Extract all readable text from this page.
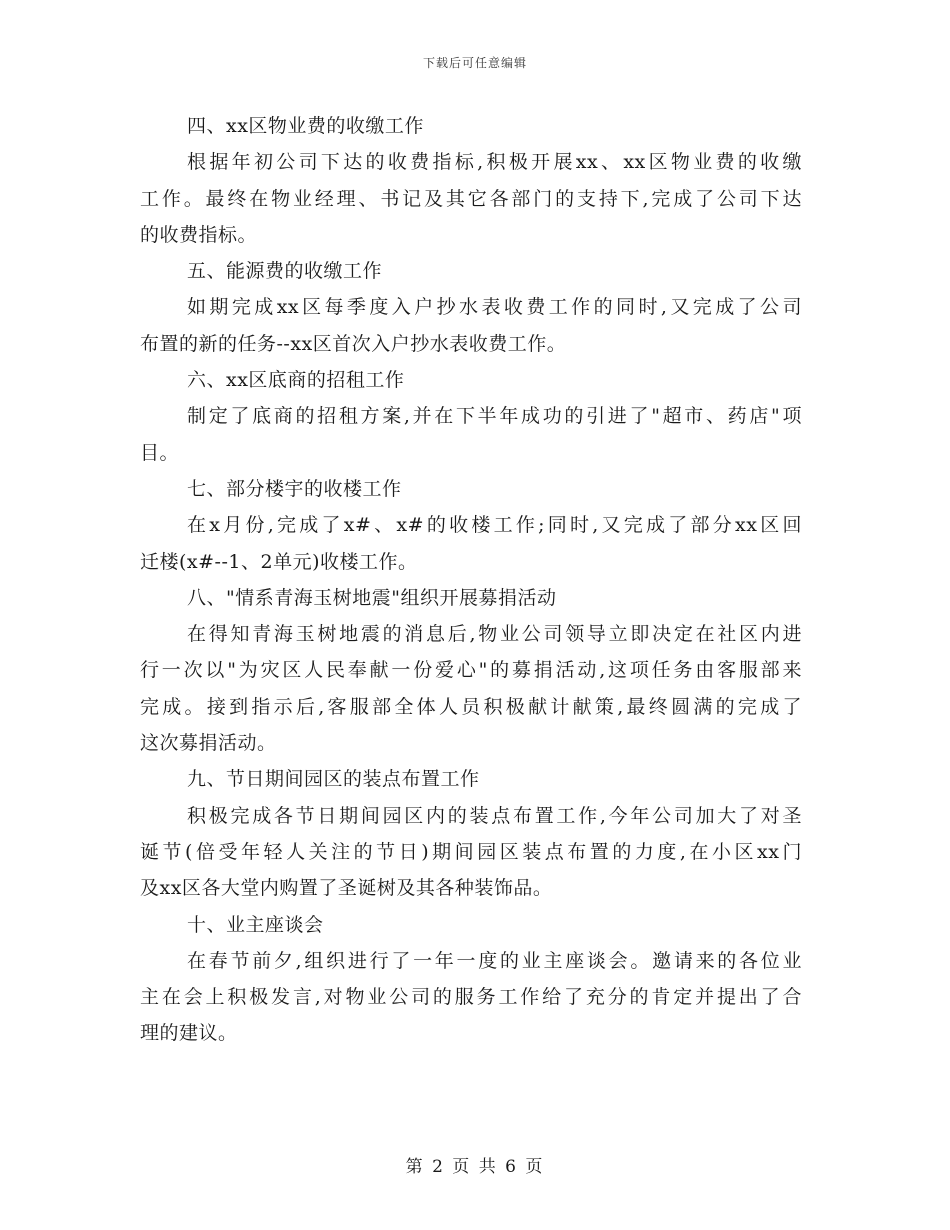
下载后可任意编辑
四、xx区物业费的收缴工作
根据年初公司下达的收费指标,积极开展xx、xx区物业费的收缴
工作。最终在物业经理、书记及其它各部门的支持下,完成了公司下达
的收费指标。
五、能源费的收缴工作
如期完成xx区每季度入户抄水表收费工作的同时,又完成了公司
布置的新的任务--xx区首次入户抄水表收费工作。
六、xx区底商的招租工作
制定了底商的招租方案,并在下半年成功的引进了"超市、药店"项
目。
七、部分楼宇的收楼工作
在x月份,完成了x#、x#的收楼工作;同时,又完成了部分xx区回
迁楼(x#--1、2单元)收楼工作。
八、"情系青海玉树地震"组织开展募捐活动
在得知青海玉树地震的消息后,物业公司领导立即决定在社区内进
行一次以"为灾区人民奉献一份爱心"的募捐活动,这项任务由客服部来
完成。接到指示后,客服部全体人员积极献计献策,最终圆满的完成了
这次募捐活动。
九、节日期间园区的装点布置工作
积极完成各节日期间园区内的装点布置工作,今年公司加大了对圣
诞节(倍受年轻人关注的节日)期间园区装点布置的力度,在小区xx门
及xx区各大堂内购置了圣诞树及其各种装饰品。
十、业主座谈会
在春节前夕,组织进行了一年一度的业主座谈会。邀请来的各位业
主在会上积极发言,对物业公司的服务工作给了充分的肯定并提出了合
理的建议。
第 2 页 共 6 页
